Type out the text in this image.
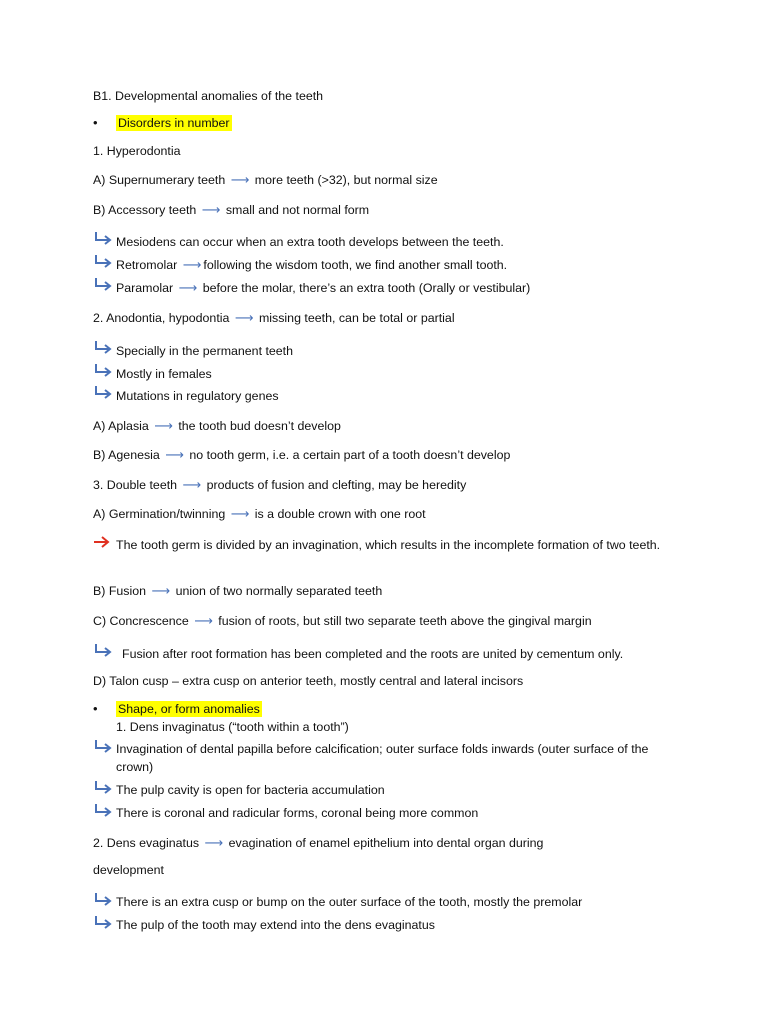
B1. Developmental anomalies of the teeth
• Disorders in number
1. Hyperodontia
A) Supernumerary teeth ⟶ more teeth (>32), but normal size
B) Accessory teeth ⟶ small and not normal form
Mesiodens can occur when an extra tooth develops between the teeth.
Retromolar ⟶ following the wisdom tooth, we find another small tooth.
Paramolar ⟶ before the molar, there’s an extra tooth (Orally or vestibular)
2. Anodontia, hypodontia ⟶ missing teeth, can be total or partial
Specially in the permanent teeth
Mostly in females
Mutations in regulatory genes
A) Aplasia ⟶ the tooth bud doesn’t develop
B) Agenesia ⟶ no tooth germ, i.e. a certain part of a tooth doesn’t develop
3. Double teeth ⟶ products of fusion and clefting, may be heredity
A) Germination/twinning ⟶ is a double crown with one root
The tooth germ is divided by an invagination, which results in the incomplete formation of two teeth.
B) Fusion ⟶ union of two normally separated teeth
C) Concrescence ⟶ fusion of roots, but still two separate teeth above the gingival margin
Fusion after root formation has been completed and the roots are united by cementum only.
D) Talon cusp – extra cusp on anterior teeth, mostly central and lateral incisors
• Shape, or form anomalies
1. Dens invaginatus (“tooth within a tooth”)
Invagination of dental papilla before calcification; outer surface folds inwards (outer surface of the crown)
The pulp cavity is open for bacteria accumulation
There is coronal and radicular forms, coronal being more common
2. Dens evaginatus ⟶ evagination of enamel epithelium into dental organ during
development
There is an extra cusp or bump on the outer surface of the tooth, mostly the premolar
The pulp of the tooth may extend into the dens evaginatus
